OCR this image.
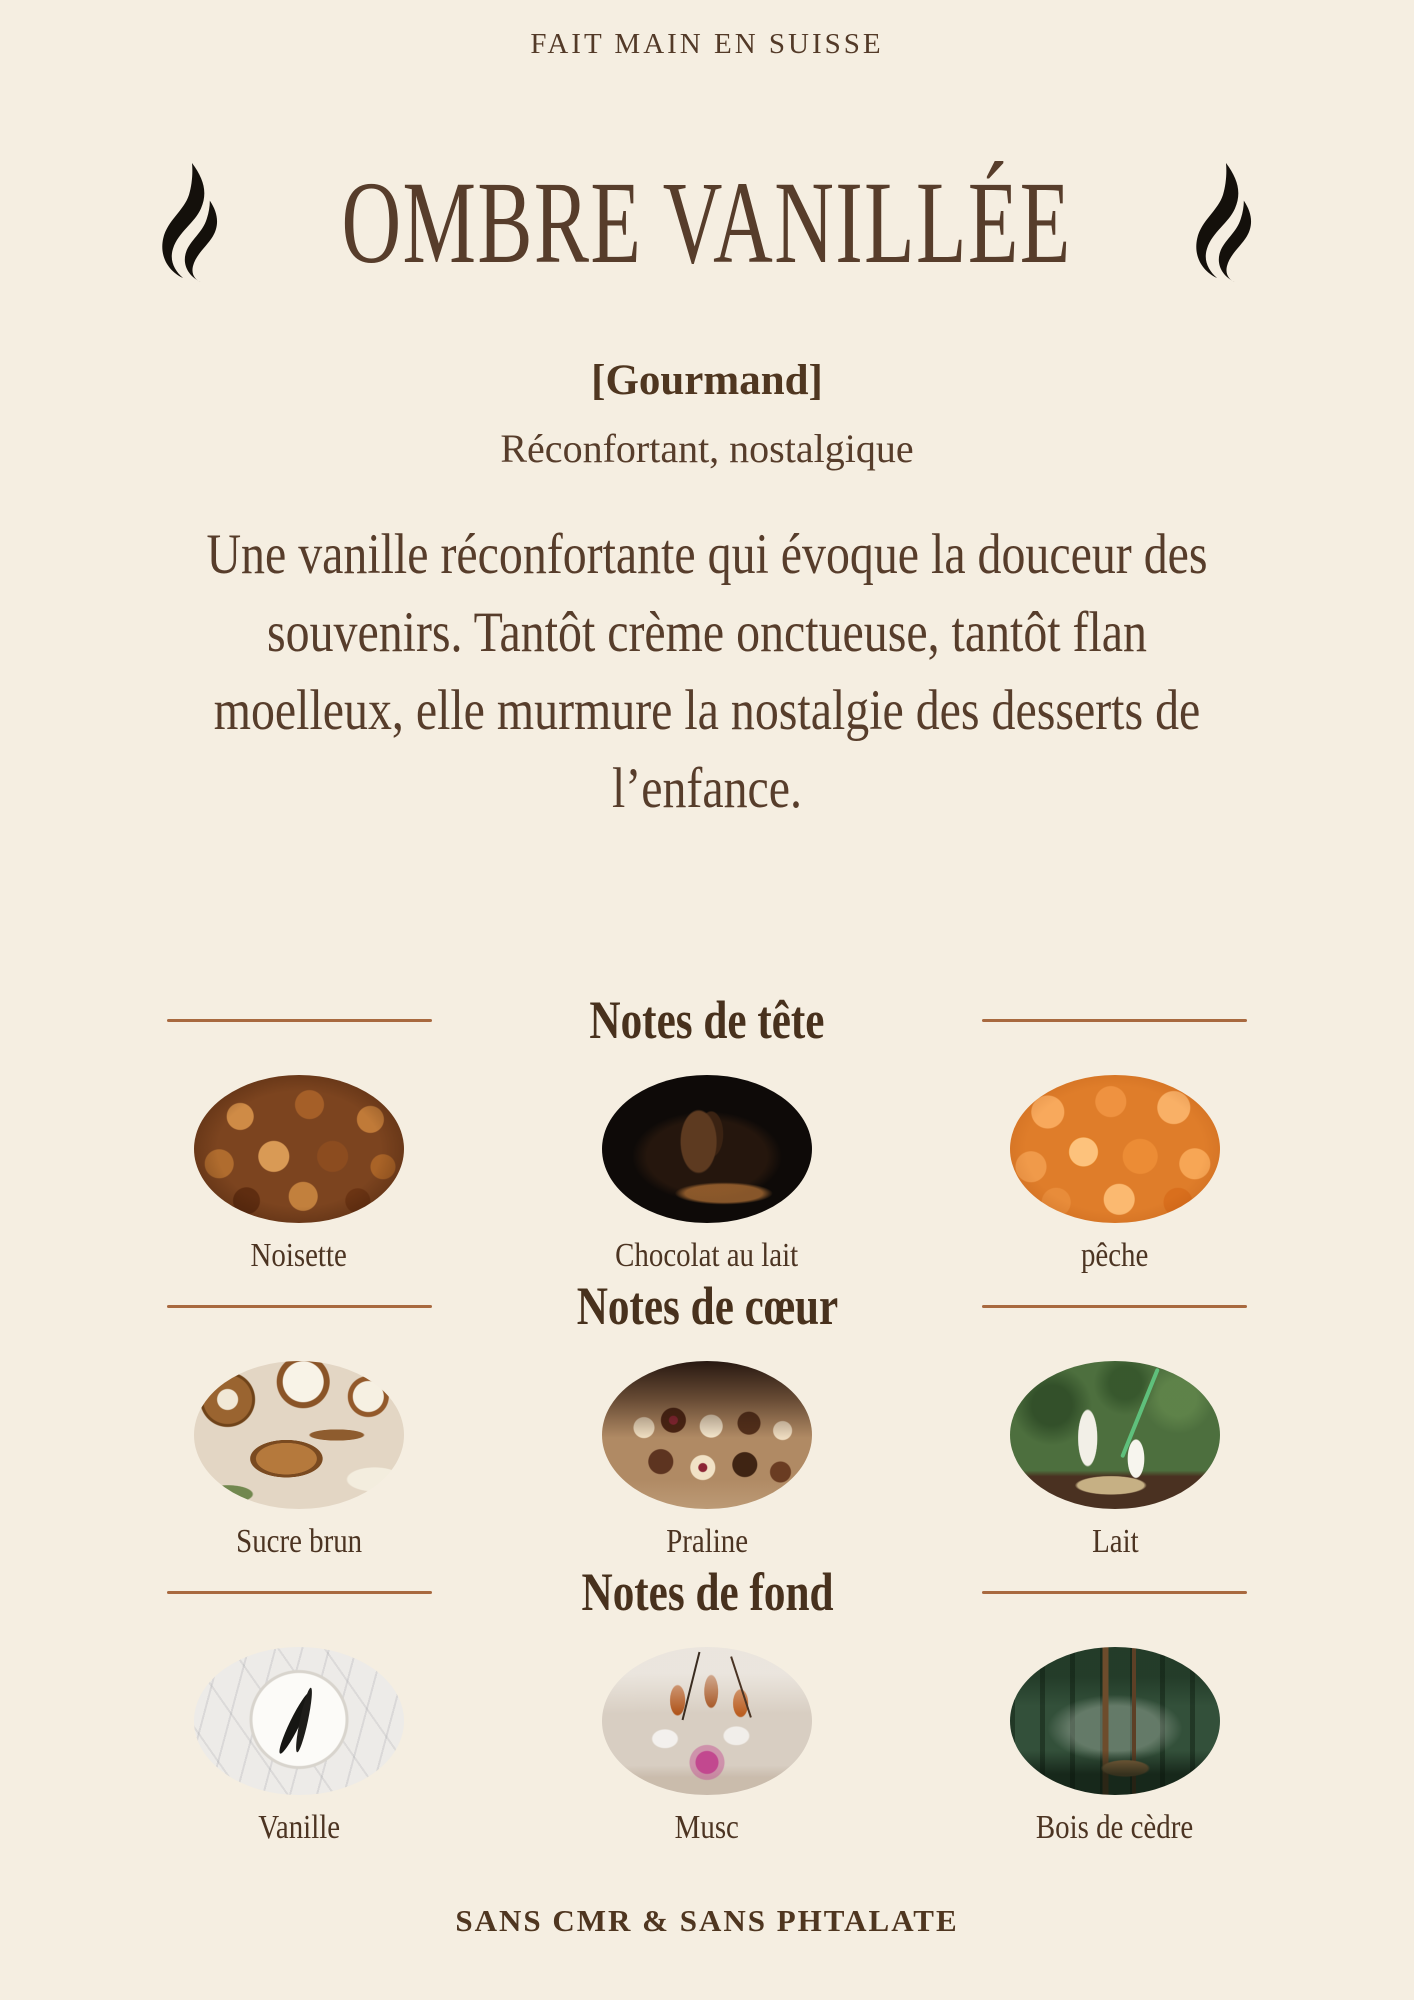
FAIT MAIN EN SUISSE
OMBRE VANILLÉE
[Gourmand]
Réconfortant, nostalgique
Une vanille réconfortante qui évoque la douceur des
souvenirs. Tantôt crème onctueuse, tantôt flan
moelleux, elle murmure la nostalgie des desserts de
l’enfance.
Notes de tête
Noisette	Chocolat au lait	pêche
Notes de cœur
Sucre brun	Praline	Lait
Notes de fond
Vanille	Musc	Bois de cèdre
SANS CMR & SANS PHTALATE
